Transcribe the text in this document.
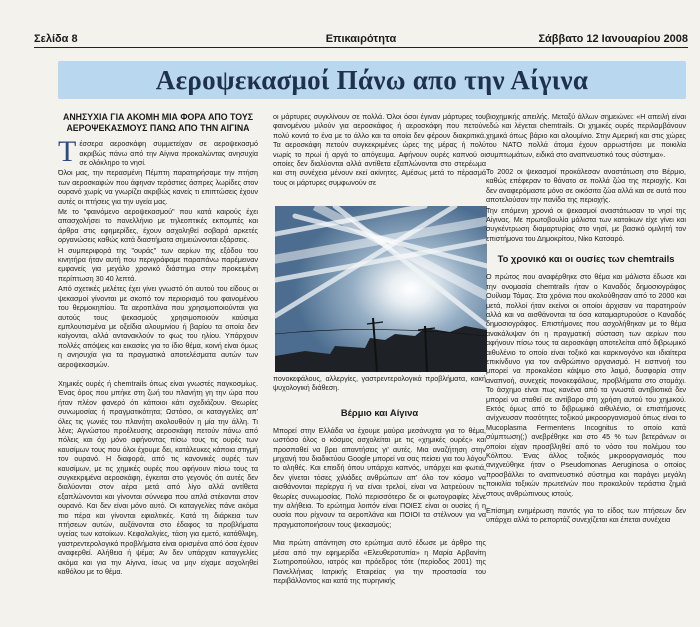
Σελίδα 8	Επικαιρότητα	Σάββατο 12 Ιανουαρίου 2008
Αεροψεκασμοί Πάνω απο την Αίγινα

ΑΝΗΣΥΧΙΑ ΓΙΑ ΑΚΟΜΗ ΜΙΑ ΦΟΡΑ ΑΠΟ ΤΟΥΣ ΑΕΡΟΨΕΚΑΣΜΟΥΣ ΠΑΝΩ ΑΠΟ ΤΗΝ ΑΙΓΙΝΑ

Τέσσερα αεροσκάφη συμμετείχαν σε αεροψεκασμό ακριβώς πάνω από την Αίγινα προκαλώντας ανησυχία σε ολόκληρο το νησί.

Όλοι μας, την περασμένη Πέμπτη παρατηρήσαμε την πτήση των αεροσκαφών που άφηναν τεράστιες άσπρες λωρίδες στον ουρανό χωρίς να γνωρίζει ακριβώς κανείς τι επιπτώσεις έχουν αυτές οι πτήσεις για την υγεία μας.

Με το "φαινόμενο αεροψεκασμού" που κατά καιρούς έχει απασχολήσει το πανελλήνιο με τηλεοπτικές εκπομπές και άρθρα στις εφημερίδες, έχουν ασχοληθεί σοβαρά αρκετές οργανώσεις καθώς κατά διαστήματα σημειώνονται εξάρσεις.

Η συμπεριφορά της "ουράς" των αερίων της εξόδου του κινητήρα ήταν αυτή που περιγράφαμε παραπάνω παρέμειναν εμφανείς για μεγάλο χρονικό διάστημα στην προκειμένη περίπτωση 30 40 λεπτά.

Από σχετικές μελέτες έχει γίνει γνωστό ότι αυτού του είδους οι ψεκασμοί γίνονται με σκοπό τον περιορισμό του φαινομένου του θερμοκηπίου. Τα αεροπλάνα που χρησιμοποιούνται για αυτούς τους ψεκασμούς χρησιμοποιούν καύσιμα εμπλουτισμένα με οξείδια αλουμινίου ή βαρίου τα οποία δεν καίγονται, αλλά αντανακλούν το φως του ηλίου. Υπάρχουν πολλές απόψεις και εικασίες για το ίδιο θέμα, κοινή είναι όμως η ανησυχία για τα πραγματικά αποτελέσματα αυτών των αεροψεκασμών.

Χημικές ουρές ή chemtrails όπως είναι γνωστές παγκοσμίως. Ένας όρος που μπήκε στη ζωή του πλανήτη γη την ώρα που ήταν πλέον φανερό ότι κάποιοι κάτι σχεδιάζουν. Θεωρίες συνωμοσίας ή πραγματικότητα; Ωστόσο, οι καταγγελίες απ' όλες τις γωνιές του πλανήτη ακολουθούν η μία την άλλη. Τι λένε; Αγνώστου προέλευσης αεροσκάφη πετούν πάνω από πόλεις και όχι μόνο αφήνοντας πίσω τους τις ουρές των καυσίμων τους που όλοι έχουμε δει, κατάλευκες κάποια στιγμή τον ουρανό. Η διαφορά, από τις κανονικές ουρές των καυσίμων, με τις χημικές ουρές που αφήνουν πίσω τους τα συγκεκριμένα αεροσκάφη, έγκειται στο γεγονός ότι αυτές δεν διαλύονται στον αέρα μετά από λίγο αλλά αντίθετα εξαπλώνονται και γίνονται σύννεφα που απλά στέκονται στον ουρανό. Και δεν είναι μόνο αυτό. Οι καταγγελίες πάνε ακόμα πιο πέρα και γίνονται εφιαλτικές. Κατά τη διάρκεια των πτήσεων αυτών, αυξάνονται στο έδαφος τα προβλήματα υγείας των κατοίκων. Κεφαλαλγίες, τάση για εμετό, κατάθλιψη, γαστρεντερολογικά προβλήματα είναι ορισμένα από όσα έχουν αναφερθεί. Αλήθεια ή ψέμα; Αν δεν υπάρχαν καταγγελίες ακόμα και για την Αίγινα, ίσως να μην είχαμε ασχοληθεί καθόλου με το θέμα.

οι μάρτυρες συγκλίνουν σε πολλά. Όλοι όσοι έγιναν μάρτυρες του φαινομένου μιλούν για αεροσκάφος ή αεροσκάφη που πετούν πολύ κοντά το ένα με το άλλο και τα οποία δεν φέρουν διακριτικά. Τα αεροσκάφη πετούν συγκεκριμένες ώρες της μέρας ή πολύ νωρίς το πρωί ή αργά το απόγευμα. Αφήνουν ουρές καπνού οι οποίες δεν διαλύονται αλλά αντίθετα εξαπλώνονται στο στερέωμα και στη συνέχεια μένουν εκεί ακίνητες. Αμέσως μετά το πέρασμά τους οι μάρτυρες συμφωνούν σε

πονοκεφάλους, αλλεργίες, γαστρεντερολογικά προβλήματα, κακή ψυχολογική διάθεση.

Βέρμιο και Αίγινα

Μπορεί στην Ελλάδα να έχουμε μαύρα μεσάνυχτα για το θέμα, ωστόσο όλος ο κόσμος ασχολείται με τις «χημικές ουρές» και προσπαθεί να βρει απαντήσεις γι' αυτές. Μια αναζήτηση στην μηχανή του διαδικτύου Google μπορεί να σας πείσει για του λόγου το αληθές. Και επειδή όπου υπάρχει καπνός, υπάρχει και φωτιά, δεν γίνεται τόσες χιλιάδες ανθρώπων απ' όλο τον κόσμο να αισθάνονται περίεργα ή να είναι τρελοί, είναι να λατρεύουν τις θεωρίες συνωμοσίας. Πολύ περισσότερο δε οι φωτογραφίες λένε την αλήθεια. Το ερώτημα λοιπόν είναι ΠΟΙΕΣ είναι οι ουσίες ή η ουσία που ρίχνουν τα αεροπλάνα και ΠΟΙΟΙ τα στέλνουν για να πραγματοποιήσουν τους ψεκασμούς;

Μια πρώτη απάντηση στο ερώτημα αυτό έδωσε με άρθρο της μέσα από την εφημερίδα «Ελευθεροτυπία» η Μαρία Αρβανίτη Σωτηροπούλου, ιατρός και πρόεδρος τότε (περίοδος 2001) της Πανελλήνιας Ιατρικής Εταιρείας για την προστασία του περιβάλλοντος και κατά της πυρηνικής

βιοχημικής απειλής. Μεταξύ άλλων σημειώνει: «Η απειλή είναι εδώ και λέγεται chemtrails. Οι χημικές ουρές περιλαμβάνουν χημικά όπως βάριο και αλουμίνιο. Στην Αμερική και στις χώρες του ΝΑΤΟ πολλά άτομα έχουν αρρωστήσει με ποικιλία συμπτωμάτων, ειδικά στο αναπνευστικό τους σύστημα».

Το 2002 οι ψεκασμοί προκάλεσαν αναστάτωση στο Βέρμιο, καθώς επέφεραν το θάνατο σε πολλά ζώα της περιοχής. Και δεν αναφερόμαστε μόνο σε οικόσιτα ζώα αλλά και σε αυτά που αποτελούσαν την πανίδα της περιοχής.

Την επόμενη χρονιά οι ψεκασμοί αναστάτωσαν το νησί της Αίγινας. Με πρωτοβουλία μάλιστα των κατοίκων είχε γίνει και συγκέντρωση διαμαρτυρίας στο νησί, με βασικό ομιλητή τον επιστήμονα του Δημοκρίτου, Νίκο Κατσαρό.

Το χρονικό και οι ουσίες των chemtrails

Ο πρώτος που αναφέρθηκε στο θέμα και μάλιστα έδωσε και την ονομασία chemtrails ήταν ο Καναδός δημοσιογράφος Ουίλιαμ Τόμας. Στα χρόνια που ακολούθησαν από το 2000 και μετά, πολλοί ήταν εκείνοι οι οποίοι άρχισαν να παρατηρούν αλλά και να αισθάνονται τα όσα καταμαρτυρούσε ο Καναδός δημοσιογράφος. Επιστήμονες που ασχολήθηκαν με το θέμα ανακάλυψαν ότι η πραγματική σύσταση των αερίων που αφήνουν πίσω τους τα αεροσκάφη αποτελείται από διβρωμικό αιθυλένιο το οποίο είναι τοξικό και καρκινογόνο και ιδιαίτερα επικίνδυνο για τον ανθρώπινο οργανισμό. Η εισπνοή του μπορεί να προκαλέσει κάψιμο στο λαιμό, δυσφορία στην αναπνοή, συνεχείς πονοκεφάλους, προβλήματα στο στομάχι. Το άσχημο είναι πως κανένα από τα γνωστά αντιβιοτικά δεν μπορεί να σταθεί σε αντίβαρο στη χρήση αυτού του χημικού. Εκτός όμως από το διβρωμικό αιθυλένιο, οι επιστήμονες ανίχνευσαν ποσότητες τοξικού μικροοργανισμού όπως είναι το Mucoplasma Fermentens Incognitus το οποίο κατά σύμπτωση(;) ανεβρέθηκε και στο 45 % των βετεράνων οι οποίοι είχαν προσβληθεί από το νόσο του πολέμου του Κόλπου. Ένας άλλος τοξικός μικροοργανισμός που ανιχνεύθηκε ήταν ο Pseudomonas Aeruginosa ο οποίος προσβάλλει το αναπνευστικό σύστημα και παράγει μεγάλη ποικιλία τοξικών πρωτεϊνών που προκαλούν τεράστια ζημιά στους ανθρώπινους ιστούς.

Επίσημη ενημέρωση παντός για το είδος των πτήσεων δεν υπάρχει αλλά το ρεπορτάζ συνεχίζεται και έπεται συνέχεια
